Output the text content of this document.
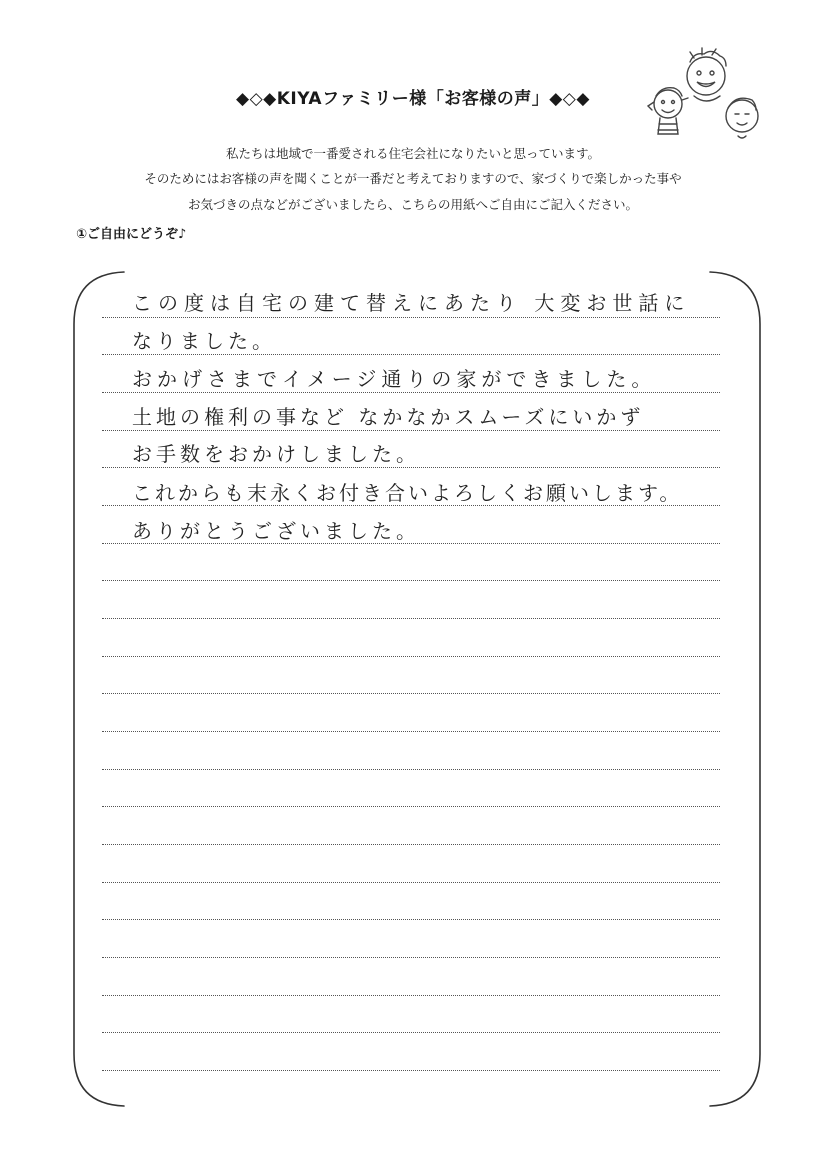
◆◇◆KIYAファミリー様「お客様の声」◆◇◆
私たちは地域で一番愛される住宅会社になりたいと思っています。
そのためにはお客様の声を聞くことが一番だと考えておりますので、家づくりで楽しかった事や
お気づきの点などがございましたら、こちらの用紙へご自由にご記入ください。
①ご自由にどうぞ♪
この度は自宅の建て替えにあたり 大変お世話に
なりました。
おかげさまでイメージ通りの家ができました。
土地の権利の事など なかなかスムーズにいかず
お手数をおかけしました。
これからも末永くお付き合いよろしくお願いします。
ありがとうございました。
